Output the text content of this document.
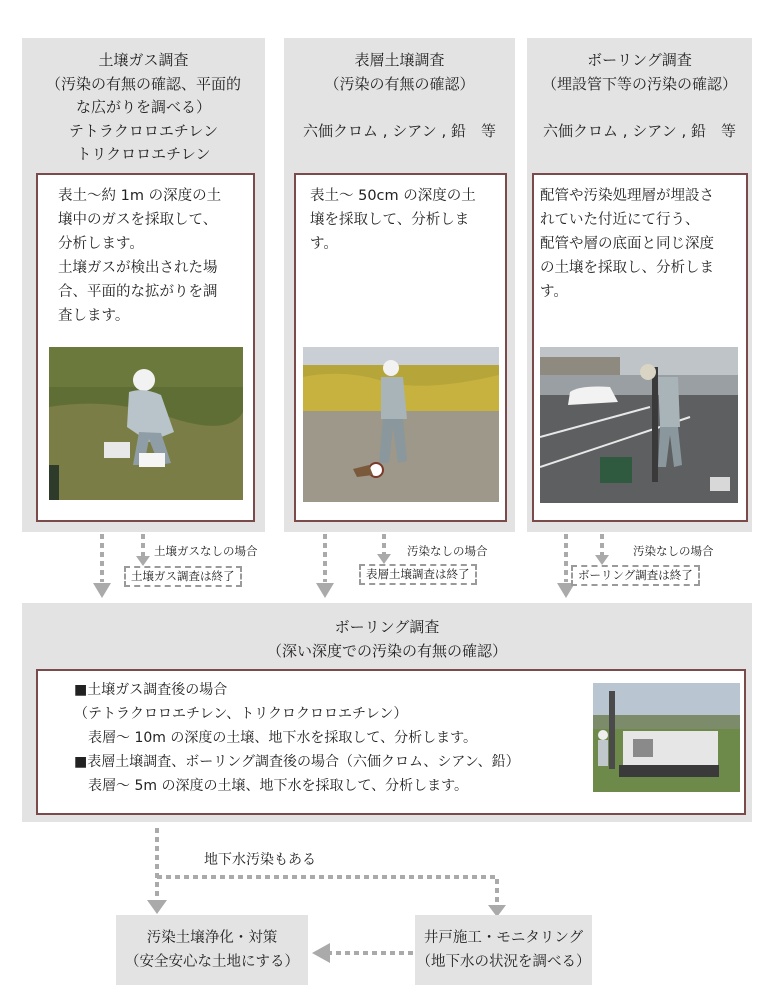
土壌ガス調査
（汚染の有無の確認、平面的
な広がりを調べる）
テトラクロロエチレン
トリクロロエチレン
表土～約 1m の深度の土
壌中のガスを採取して、
分析します。
土壌ガスが検出された場
合、平面的な拡がりを調
査します。
表層土壌調査
（汚染の有無の確認）
六価クロム , シアン , 鉛　等
表土～ 50cm の深度の土
壌を採取して、分析しま
す。
ボーリング調査
（埋設管下等の汚染の確認）
六価クロム , シアン , 鉛　等
配管や汚染処理層が埋設さ
れていた付近にて行う、
配管や層の底面と同じ深度
の土壌を採取し、分析しま
す。
土壌ガスなしの場合
土壌ガス調査は終了
汚染なしの場合
表層土壌調査は終了
汚染なしの場合
ボーリング調査は終了
ボーリング調査
（深い深度での汚染の有無の確認）
■土壌ガス調査後の場合
（テトラクロロエチレン、トリクロクロロエチレン）
　表層～ 10m の深度の土壌、地下水を採取して、分析します。
■表層土壌調査、ボーリング調査後の場合（六価クロム、シアン、鉛）
　表層～ 5m の深度の土壌、地下水を採取して、分析します。
地下水汚染もある
汚染土壌浄化・対策
（安全安心な土地にする）
井戸施工・モニタリング
（地下水の状況を調べる）
